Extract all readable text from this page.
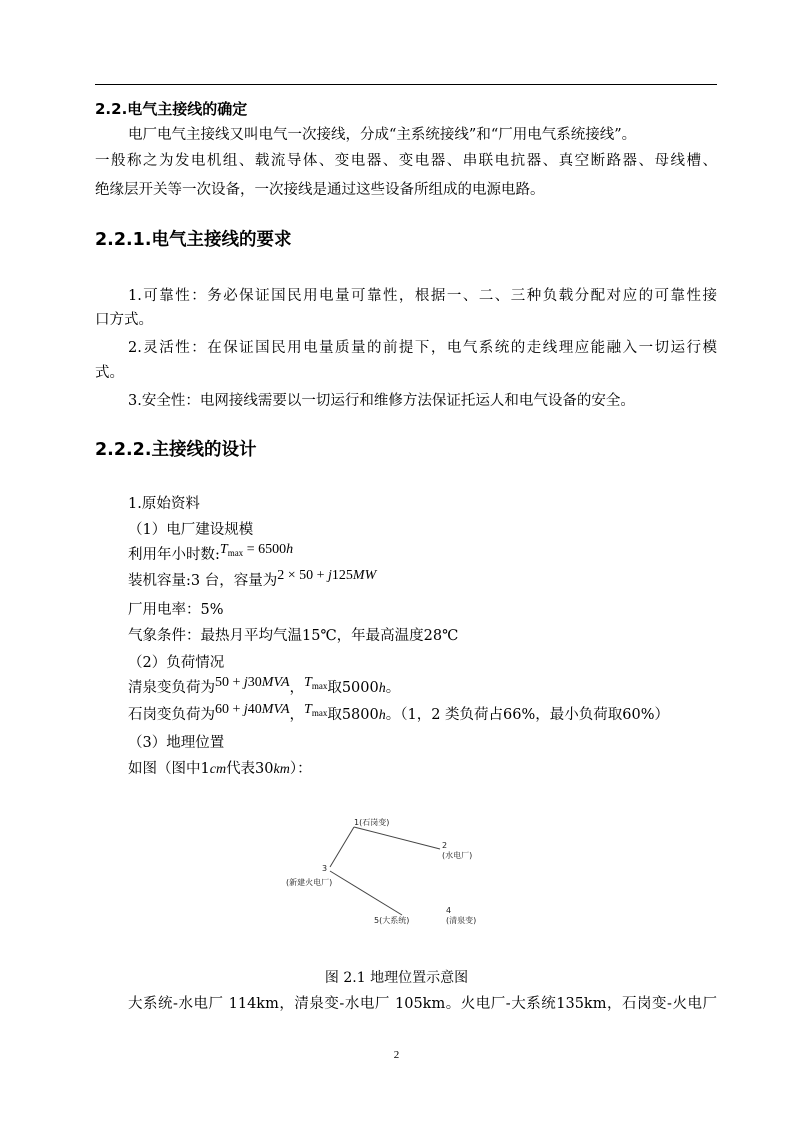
2.2.电气主接线的确定
电厂电气主接线又叫电气一次接线，分成“主系统接线”和“厂用电气系统接线”。
一般称之为发电机组、载流导体、变电器、变电器、串联电抗器、真空断路器、母线槽、
绝缘层开关等一次设备，一次接线是通过这些设备所组成的电源电路。
2.2.1.电气主接线的要求
1.可靠性：务必保证国民用电量可靠性，根据一、二、三种负载分配对应的可靠性接
口方式。
2.灵活性：在保证国民用电量质量的前提下，电气系统的走线理应能融入一切运行模
式。
3.安全性：电网接线需要以一切运行和维修方法保证托运人和电气设备的安全。
2.2.2.主接线的设计
1.原始资料
（1）电厂建设规模
利用年小时数$:T_{max} = 6500h$
装机容量:3 台，容量为2 × 50 + j125MW
厂用电率：5%
气象条件：最热月平均气温15℃，年最高温度28℃
（2）负荷情况
清泉变负荷为50 + j30MVA，$T_{max}$取5000h。
石岗变负荷为60 + j40MVA，$T_{max}$取5800h。（1，2 类负荷占66%，最小负荷取60%）
（3）地理位置
如图（图中1cm代表30km）：
1(石岗变)
2
(水电厂)
3
(新建火电厂)
4
(清泉变)
5(大系统)
图 2.1 地理位置示意图
大系统-水电厂 114km，清泉变-水电厂 105km。火电厂-大系统135km，石岗变-火电厂
2
